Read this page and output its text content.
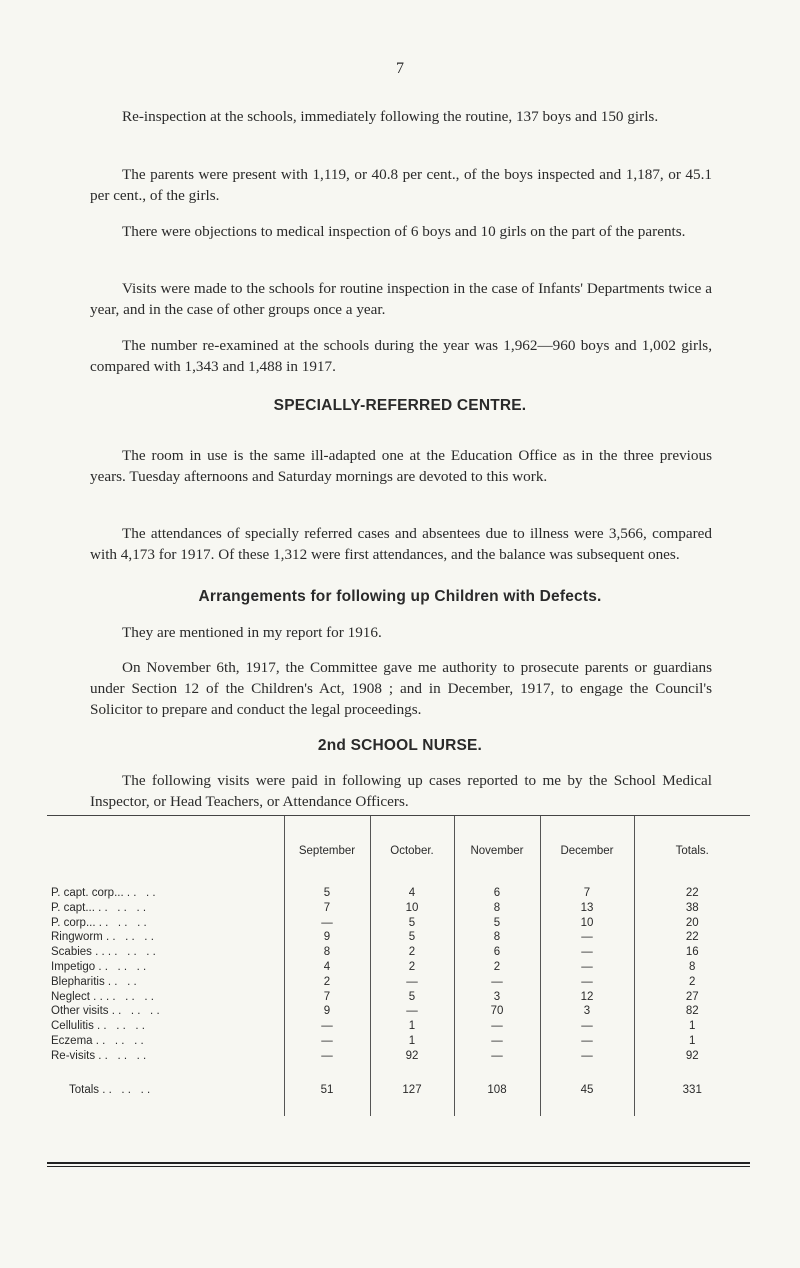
7
Re-inspection at the schools, immediately following the routine, 137 boys and 150 girls.
The parents were present with 1,119, or 40.8 per cent., of the boys inspected and 1,187, or 45.1 per cent., of the girls.
There were objections to medical inspection of 6 boys and 10 girls on the part of the parents.
Visits were made to the schools for routine inspection in the case of Infants' Departments twice a year, and in the case of other groups once a year.
The number re-examined at the schools during the year was 1,962—960 boys and 1,002 girls, compared with 1,343 and 1,488 in 1917.
SPECIALLY-REFERRED CENTRE.
The room in use is the same ill-adapted one at the Education Office as in the three previous years. Tuesday afternoons and Saturday mornings are devoted to this work.
The attendances of specially referred cases and absentees due to illness were 3,566, compared with 4,173 for 1917. Of these 1,312 were first attendances, and the balance was subsequent ones.
Arrangements for following up Children with Defects.
They are mentioned in my report for 1916.
On November 6th, 1917, the Committee gave me authority to prosecute parents or guardians under Section 12 of the Children's Act, 1908 ; and in December, 1917, to engage the Council's Solicitor to prepare and conduct the legal proceedings.
2nd SCHOOL NURSE.
The following visits were paid in following up cases reported to me by the School Medical Inspector, or Head Teachers, or Attendance Officers.
	September	October.	November	December	Totals.
P. capt. corp... . .   . .	5	4	6	7	22
P. capt... . .   . .   . .	7	10	8	13	38
P. corp... . .   . .   . .	—	5	5	10	20
Ringworm . .   . .   . .	9	5	8	—	22
Scabies . . . .   . .   . .	8	2	6	—	16
Impetigo . .   . .   . .	4	2	2	—	8
Blepharitis . .   . .	2	—	—	—	2
Neglect . . . .   . .   . .	7	5	3	12	27
Other visits . .   . .   . .	9	—	70	3	82
Cellulitis . .   . .   . .	—	1	—	—	1
Eczema . .   . .   . .	—	1	—	—	1
Re-visits . .   . .   . .	—	92	—	—	92
Totals . .   . .   . .	51	127	108	45	331
